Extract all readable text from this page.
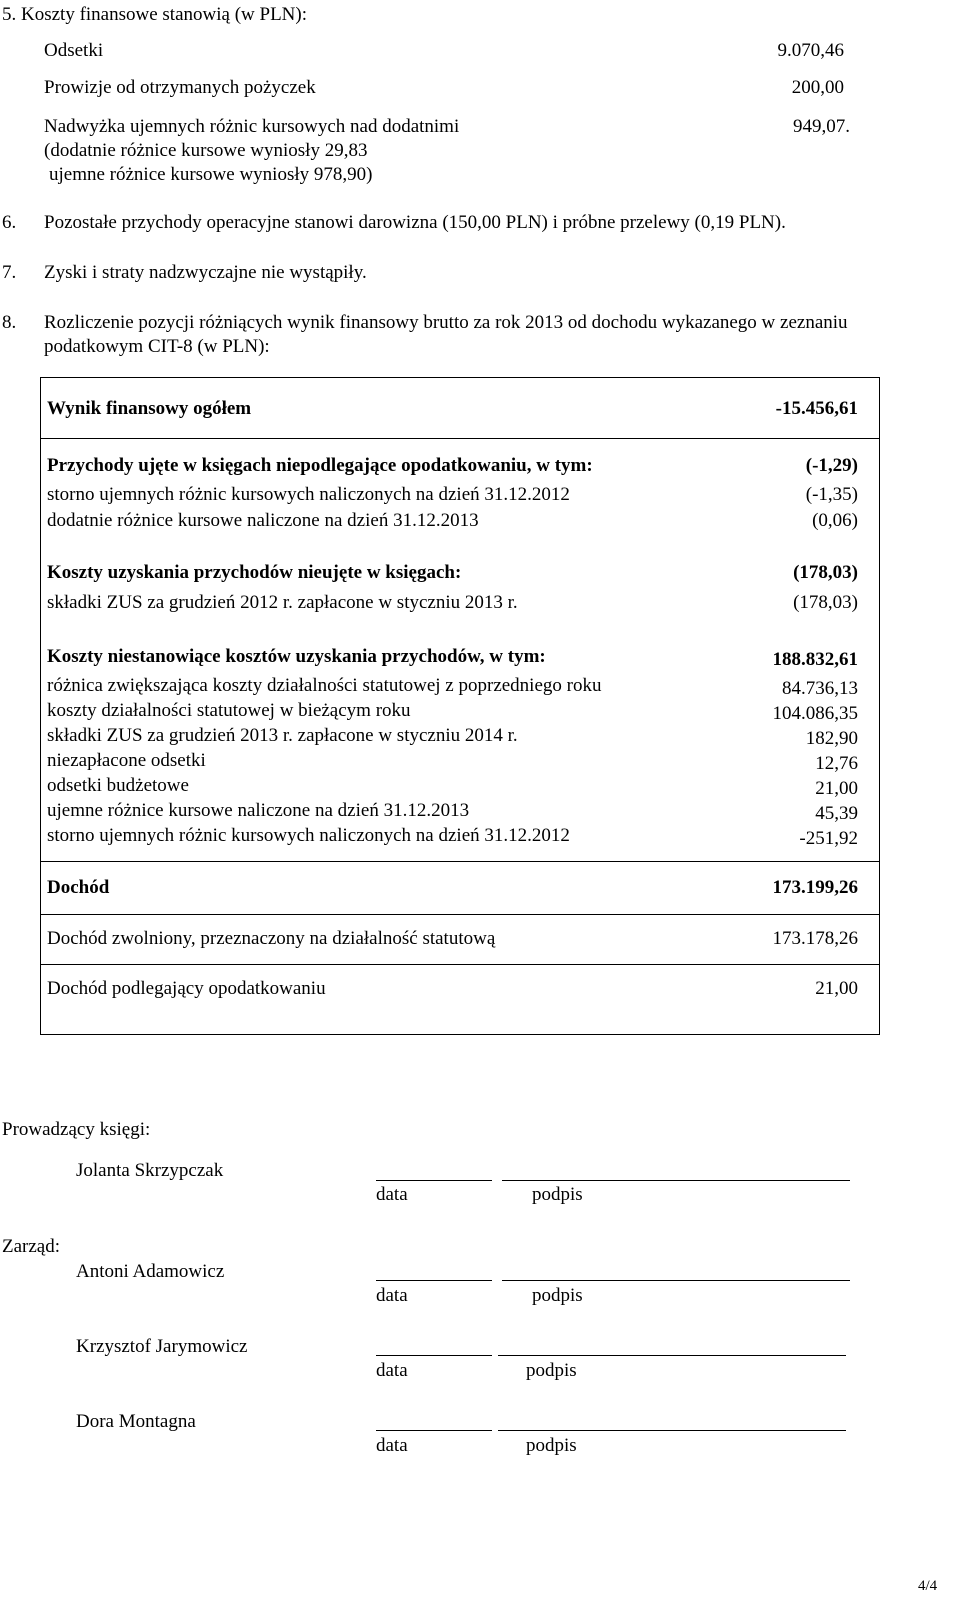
5. Koszty finansowe stanowią (w PLN):
Odsetki	9.070,46
Prowizje od otrzymanych pożyczek	200,00
Nadwyżka ujemnych różnic kursowych nad dodatnimi	949,07.
(dodatnie różnice kursowe wyniosły 29,83
ujemne różnice kursowe wyniosły 978,90)
6. Pozostałe przychody operacyjne stanowi darowizna (150,00 PLN) i próbne przelewy (0,19 PLN).
7. Zyski i straty nadzwyczajne nie wystąpiły.
8. Rozliczenie pozycji różniących wynik finansowy brutto za rok 2013 od dochodu wykazanego w zeznaniu
podatkowym CIT-8 (w PLN):
Wynik finansowy ogółem	-15.456,61
Przychody ujęte w księgach niepodlegające opodatkowaniu, w tym:	(-1,29)
storno ujemnych różnic kursowych naliczonych na dzień 31.12.2012	(-1,35)
dodatnie różnice kursowe naliczone na dzień 31.12.2013	(0,06)
Koszty uzyskania przychodów nieujęte w księgach:	(178,03)
składki ZUS za grudzień 2012 r. zapłacone w styczniu 2013 r.	(178,03)
Koszty niestanowiące kosztów uzyskania przychodów, w tym:	188.832,61
różnica zwiększająca koszty działalności statutowej z poprzedniego roku	84.736,13
koszty działalności statutowej w bieżącym roku	104.086,35
składki ZUS za grudzień 2013 r. zapłacone w styczniu 2014 r.	182,90
niezapłacone odsetki	12,76
odsetki budżetowe	21,00
ujemne różnice kursowe naliczone na dzień 31.12.2013	45,39
storno ujemnych różnic kursowych naliczonych na dzień 31.12.2012	-251,92
Dochód	173.199,26
Dochód zwolniony, przeznaczony na działalność statutową	173.178,26
Dochód podlegający opodatkowaniu	21,00
Prowadzący księgi:
Jolanta Skrzypczak
data	podpis
Zarząd:
Antoni Adamowicz
data	podpis
Krzysztof Jarymowicz
data	podpis
Dora Montagna
data	podpis
4/4
